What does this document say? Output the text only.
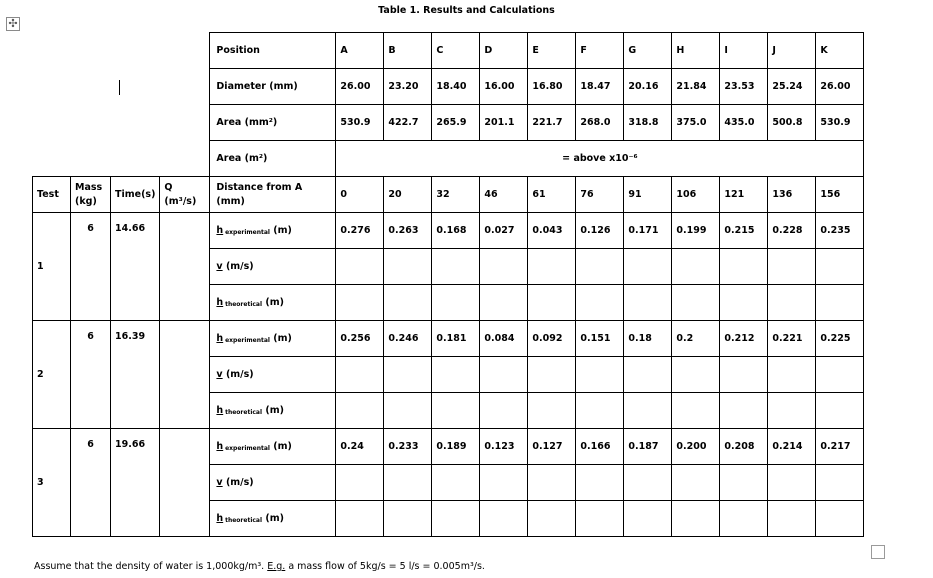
Table 1. Results and Calculations
✣
				Position	A	B	C	D	E	F	G	H	I	J	K
				Diameter (mm)	26.00	23.20	18.40	16.00	16.80	18.47	20.16	21.84	23.53	25.24	26.00
				Area (mm²)	530.9	422.7	265.9	201.1	221.7	268.0	318.8	375.0	435.0	500.8	530.9
				Area (m²)	= above x10⁻⁶										
Test	Mass (kg)	Time(s)	Q (m³/s)	Distance from A (mm)	0	20	32	46	61	76	91	106	121	136	156
1	6	14.66		h  experimental (m)	0.276	0.263	0.168	0.027	0.043	0.126	0.171	0.199	0.215	0.228	0.235
				v (m/s)											
				h  theoretical (m)											
2	6	16.39		h  experimental (m)	0.256	0.246	0.181	0.084	0.092	0.151	0.18	0.2	0.212	0.221	0.225
				v (m/s)											
				h  theoretical (m)											
3	6	19.66		h  experimental (m)	0.24	0.233	0.189	0.123	0.127	0.166	0.187	0.200	0.208	0.214	0.217
				v (m/s)											
				h  theoretical (m)											
Assume that the density of water is 1,000kg/m³. E.g. a mass flow of 5kg/s = 5 l/s = 0.005m³/s.
